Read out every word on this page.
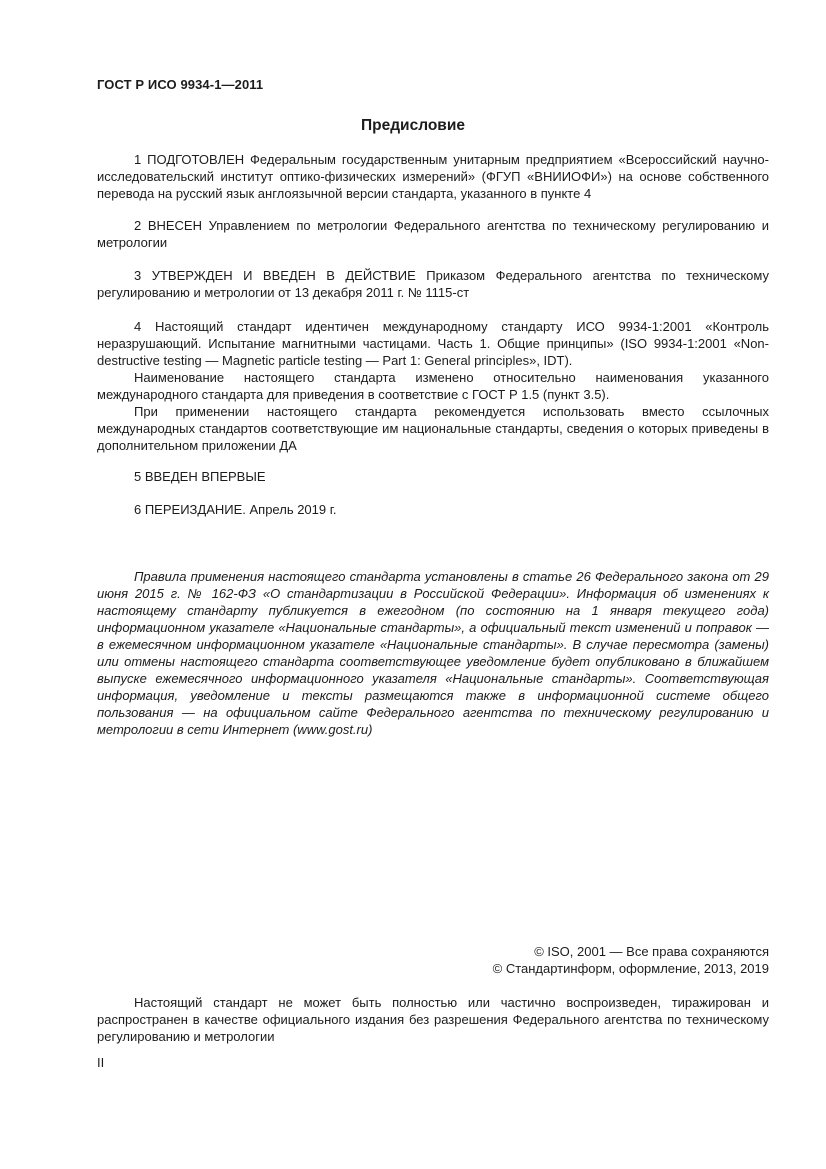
ГОСТ Р ИСО 9934-1—2011
Предисловие

1 ПОДГОТОВЛЕН Федеральным государственным унитарным предприятием «Всероссийский научно-исследовательский институт оптико-физических измерений» (ФГУП «ВНИИОФИ») на основе собственного перевода на русский язык англоязычной версии стандарта, указанного в пункте 4

2 ВНЕСЕН Управлением по метрологии Федерального агентства по техническому регулированию и метрологии

3 УТВЕРЖДЕН И ВВЕДЕН В ДЕЙСТВИЕ Приказом Федерального агентства по техническому регулированию и метрологии от 13 декабря 2011 г. № 1115-ст

4 Настоящий стандарт идентичен международному стандарту ИСО 9934-1:2001 «Контроль неразрушающий. Испытание магнитными частицами. Часть 1. Общие принципы» (ISO 9934-1:2001 «Non-destructive testing — Magnetic particle testing — Part 1: General principles», IDT).

Наименование настоящего стандарта изменено относительно наименования указанного международного стандарта для приведения в соответствие с ГОСТ Р 1.5 (пункт 3.5).

При применении настоящего стандарта рекомендуется использовать вместо ссылочных международных стандартов соответствующие им национальные стандарты, сведения о которых приведены в дополнительном приложении ДА

5 ВВЕДЕН ВПЕРВЫЕ

6 ПЕРЕИЗДАНИЕ. Апрель 2019 г.

Правила применения настоящего стандарта установлены в статье 26 Федерального закона от 29 июня 2015 г. № 162-ФЗ «О стандартизации в Российской Федерации». Информация об изменениях к настоящему стандарту публикуется в ежегодном (по состоянию на 1 января текущего года) информационном указателе «Национальные стандарты», а официальный текст изменений и поправок — в ежемесячном информационном указателе «Национальные стандарты». В случае пересмотра (замены) или отмены настоящего стандарта соответствующее уведомление будет опубликовано в ближайшем выпуске ежемесячного информационного указателя «Национальные стандарты». Соответствующая информация, уведомление и тексты размещаются также в информационной системе общего пользования — на официальном сайте Федерального агентства по техническому регулированию и метрологии в сети Интернет (www.gost.ru)

© ISO, 2001 — Все права сохраняются
© Стандартинформ, оформление, 2013, 2019

Настоящий стандарт не может быть полностью или частично воспроизведен, тиражирован и распространен в качестве официального издания без разрешения Федерального агентства по техническому регулированию и метрологии

II
